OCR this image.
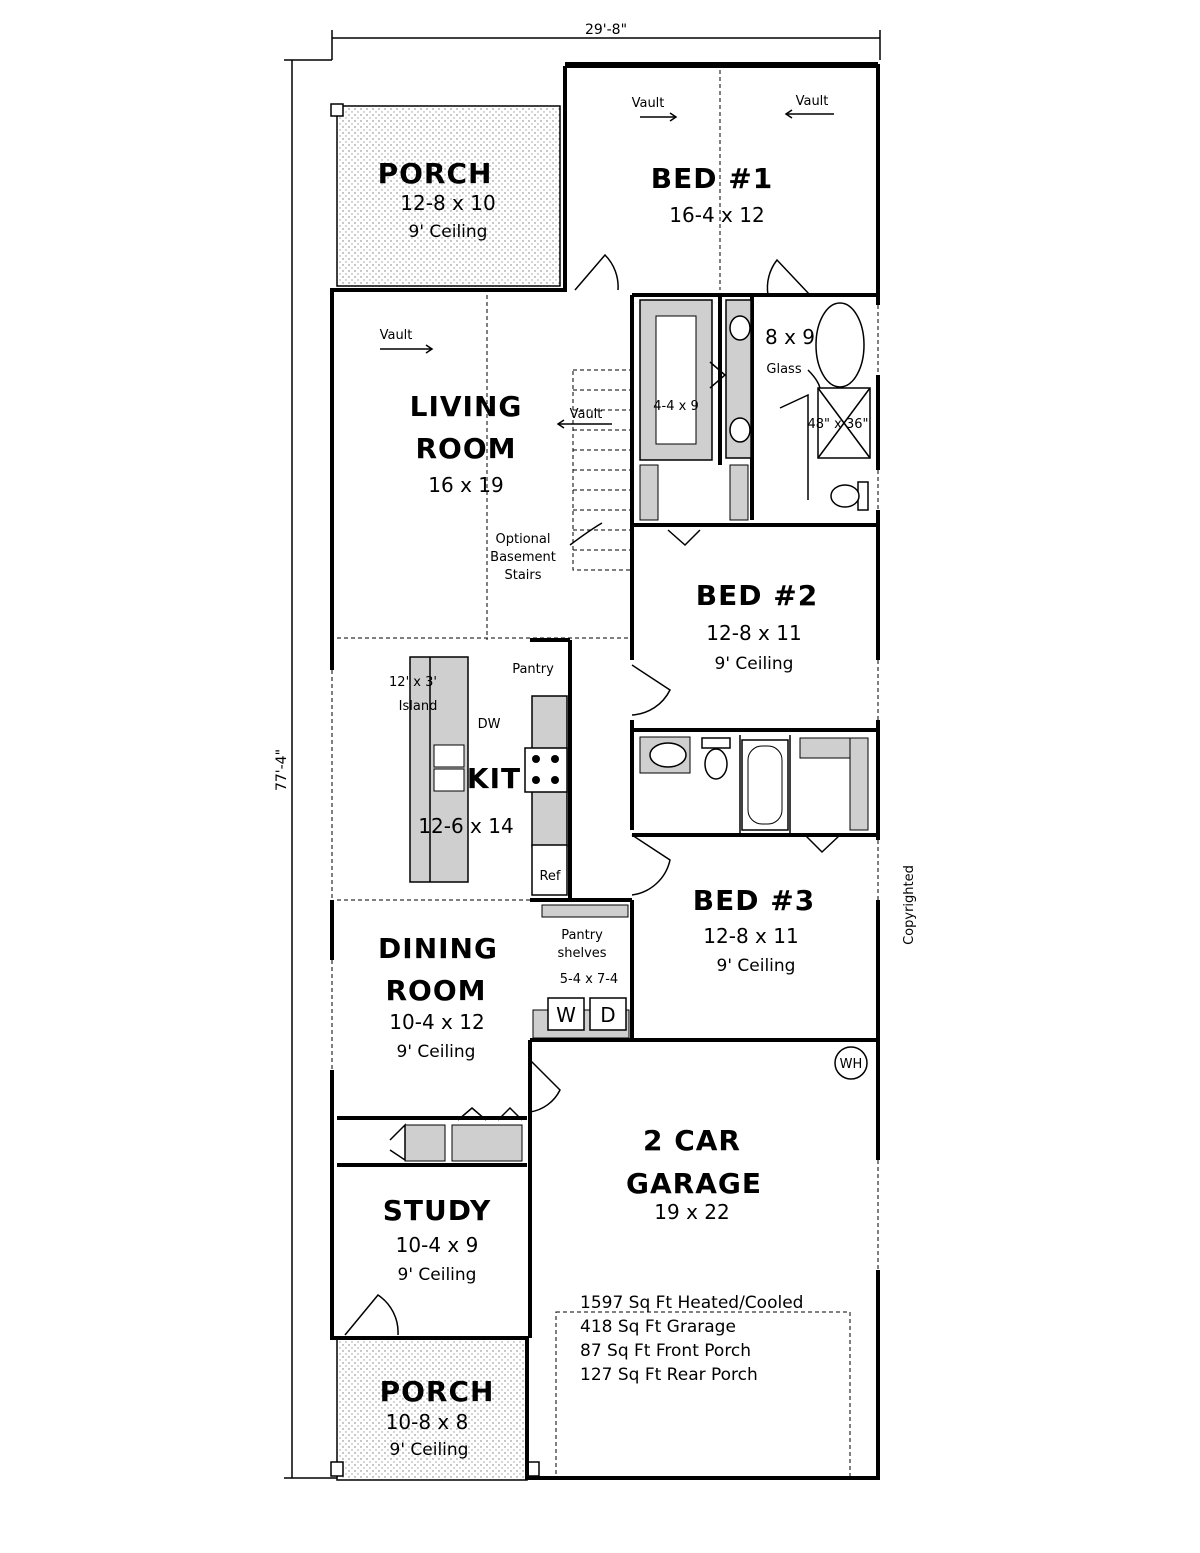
29'-8"
77'-4"
W D
WH
PORCH
12-8 x 10
9' Ceiling
Vault	Vault
BED #1
16-4 x 12
8 x 9
Glass
48" x 36"
4-4 x 9
Vault
LIVING
ROOM
16 x 19
Vault
Optional
Basement
Stairs
BED #2
12-8 x 11
9' Ceiling
12' x 3'
Island
Pantry
DW
KIT
12-6 x 14
Ref
BED #3
12-8 x 11
9' Ceiling
Pantry
shelves
5-4 x 7-4
DINING
ROOM
10-4 x 12
9' Ceiling
2 CAR
GARAGE
19 x 22
STUDY
10-4 x 9
9' Ceiling
PORCH
10-8 x 8
9' Ceiling
1597 Sq Ft Heated/Cooled
418 Sq Ft Grarage
87 Sq Ft Front Porch
127 Sq Ft Rear Porch
Copyrighted
